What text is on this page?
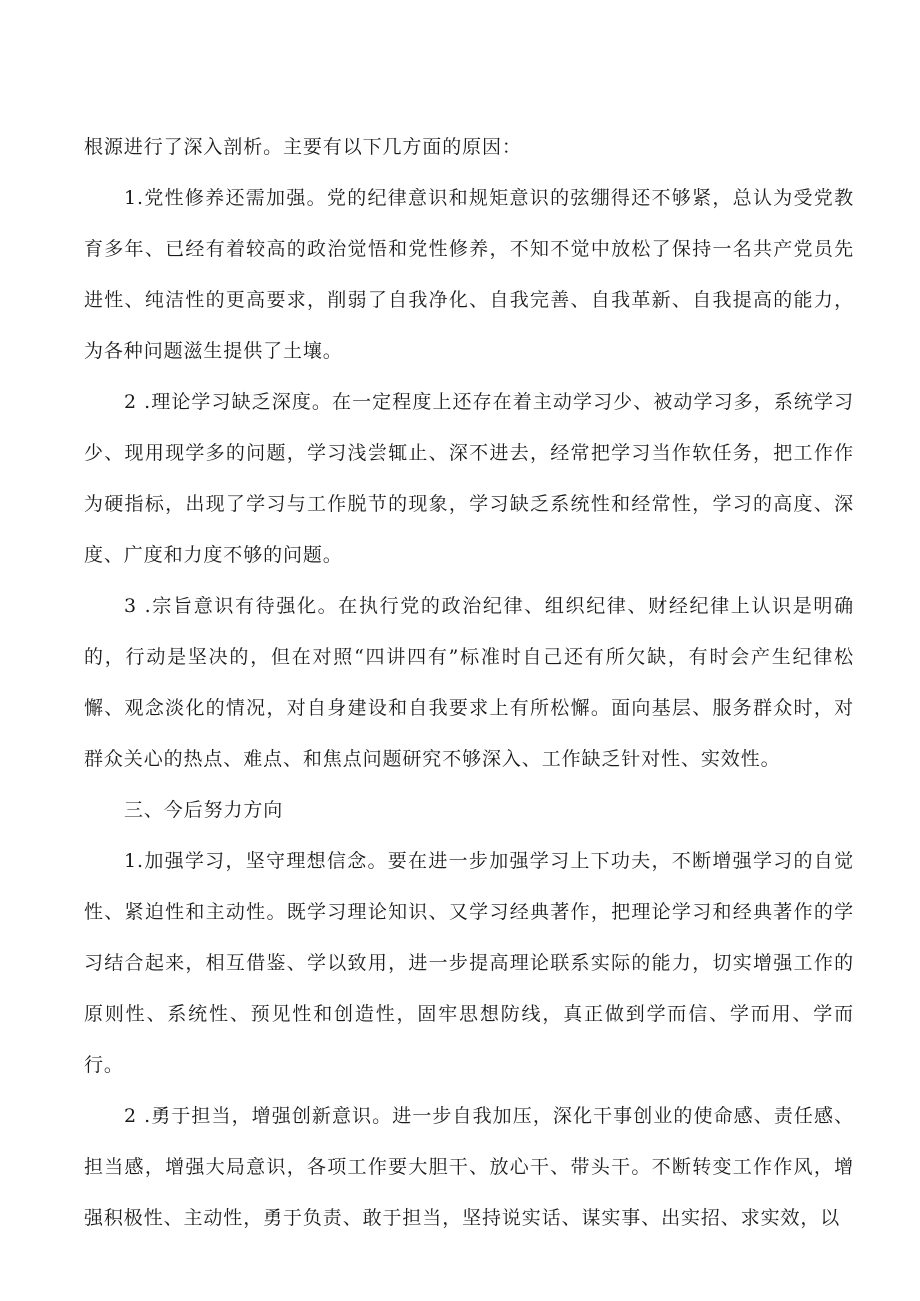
根源进行了深入剖析。主要有以下几方面的原因：

1.党性修养还需加强。党的纪律意识和规矩意识的弦绷得还不够紧，总认为受党教育多年、已经有着较高的政治觉悟和党性修养，不知不觉中放松了保持一名共产党员先进性、纯洁性的更高要求，削弱了自我净化、自我完善、自我革新、自我提高的能力，为各种问题滋生提供了土壤。

2 .理论学习缺乏深度。在一定程度上还存在着主动学习少、被动学习多，系统学习少、现用现学多的问题，学习浅尝辄止、深不进去，经常把学习当作软任务，把工作作为硬指标，出现了学习与工作脱节的现象，学习缺乏系统性和经常性，学习的高度、深度、广度和力度不够的问题。

3 .宗旨意识有待强化。在执行党的政治纪律、组织纪律、财经纪律上认识是明确的，行动是坚决的，但在对照“四讲四有”标准时自己还有所欠缺，有时会产生纪律松懈、观念淡化的情况，对自身建设和自我要求上有所松懈。面向基层、服务群众时，对群众关心的热点、难点、和焦点问题研究不够深入、工作缺乏针对性、实效性。

三、今后努力方向

1.加强学习，坚守理想信念。要在进一步加强学习上下功夫，不断增强学习的自觉性、紧迫性和主动性。既学习理论知识、又学习经典著作，把理论学习和经典著作的学习结合起来，相互借鉴、学以致用，进一步提高理论联系实际的能力，切实增强工作的原则性、系统性、预见性和创造性，固牢思想防线，真正做到学而信、学而用、学而行。

2 .勇于担当，增强创新意识。进一步自我加压，深化干事创业的使命感、责任感、担当感，增强大局意识，各项工作要大胆干、放心干、带头干。不断转变工作作风，增强积极性、主动性，勇于负责、敢于担当，坚持说实话、谋实事、出实招、求实效，以
